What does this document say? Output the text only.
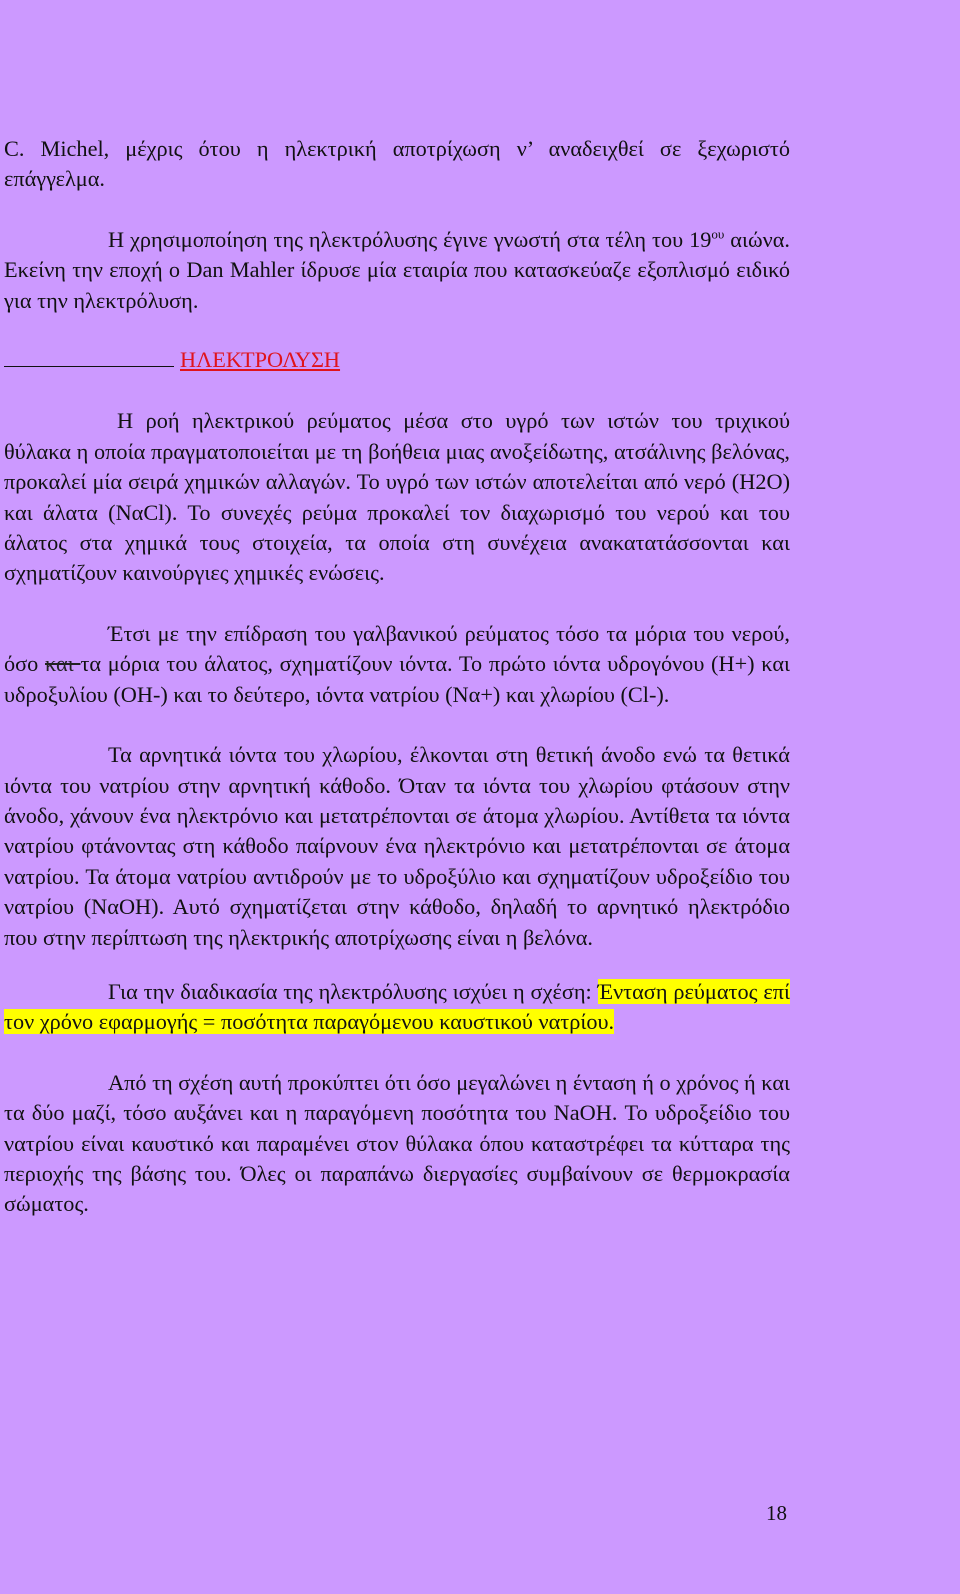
C. Michel, μέχρις ότου η ηλεκτρική αποτρίχωση ν’ αναδειχθεί σε ξεχωριστό επάγγελμα.

Η χρησιμοποίηση της ηλεκτρόλυσης έγινε γνωστή στα τέλη του $19^{o\upsilon}$ αιώνα. Εκείνη την εποχή ο Dan Mahler ίδρυσε μία εταιρία που κατασκεύαζε εξοπλισμό ειδικό για την ηλεκτρόλυση.

ΗΛΕΚΤΡΟΛΥΣΗ

Η ροή ηλεκτρικού ρεύματος μέσα στο υγρό των ιστών του τριχικού θύλακα η οποία πραγματοποιείται με τη βοήθεια μιας ανοξείδωτης, ατσάλινης βελόνας, προκαλεί μία σειρά χημικών αλλαγών. Το υγρό των ιστών αποτελείται από νερό (Η2Ο) και άλατα (NαCl). Το συνεχές ρεύμα προκαλεί τον διαχωρισμό του νερού και του άλατος στα χημικά τους στοιχεία, τα οποία στη συνέχεια ανακατατάσσονται και σχηματίζουν καινούργιες χημικές ενώσεις.

Έτσι με την επίδραση του γαλβανικού ρεύματος τόσο τα μόρια του νερού, όσο και τα μόρια του άλατος, σχηματίζουν ιόντα. Το πρώτο ιόντα υδρογόνου (Η+) και υδροξυλίου (ΟΗ-) και το δεύτερο, ιόντα νατρίου (Να+) και χλωρίου (Cl-).

Τα αρνητικά ιόντα του χλωρίου, έλκονται στη θετική άνοδο ενώ τα θετικά ιόντα του νατρίου στην αρνητική κάθοδο. Όταν τα ιόντα του χλωρίου φτάσουν στην άνοδο, χάνουν ένα ηλεκτρόνιο και μετατρέπονται σε άτομα χλωρίου. Αντίθετα τα ιόντα νατρίου φτάνοντας στη κάθοδο παίρνουν ένα ηλεκτρόνιο και μετατρέπονται σε άτομα νατρίου. Τα άτομα νατρίου αντιδρούν με το υδροξύλιο και σχηματίζουν υδροξείδιο του νατρίου (ΝαΟΗ). Αυτό σχηματίζεται στην κάθοδο, δηλαδή το αρνητικό ηλεκτρόδιο που στην περίπτωση της ηλεκτρικής αποτρίχωσης είναι η βελόνα.

Για την διαδικασία της ηλεκτρόλυσης ισχύει η σχέση: Ένταση ρεύματος επί τον χρόνο εφαρμογής = ποσότητα παραγόμενου καυστικού νατρίου.

Από τη σχέση αυτή προκύπτει ότι όσο μεγαλώνει η ένταση ή ο χρόνος ή και τα δύο μαζί, τόσο αυξάνει και η παραγόμενη ποσότητα του NaOH. Το υδροξείδιο του νατρίου είναι καυστικό και παραμένει στον θύλακα όπου καταστρέφει τα κύτταρα της περιοχής της βάσης του. Όλες οι παραπάνω διεργασίες συμβαίνουν σε θερμοκρασία σώματος.

18
